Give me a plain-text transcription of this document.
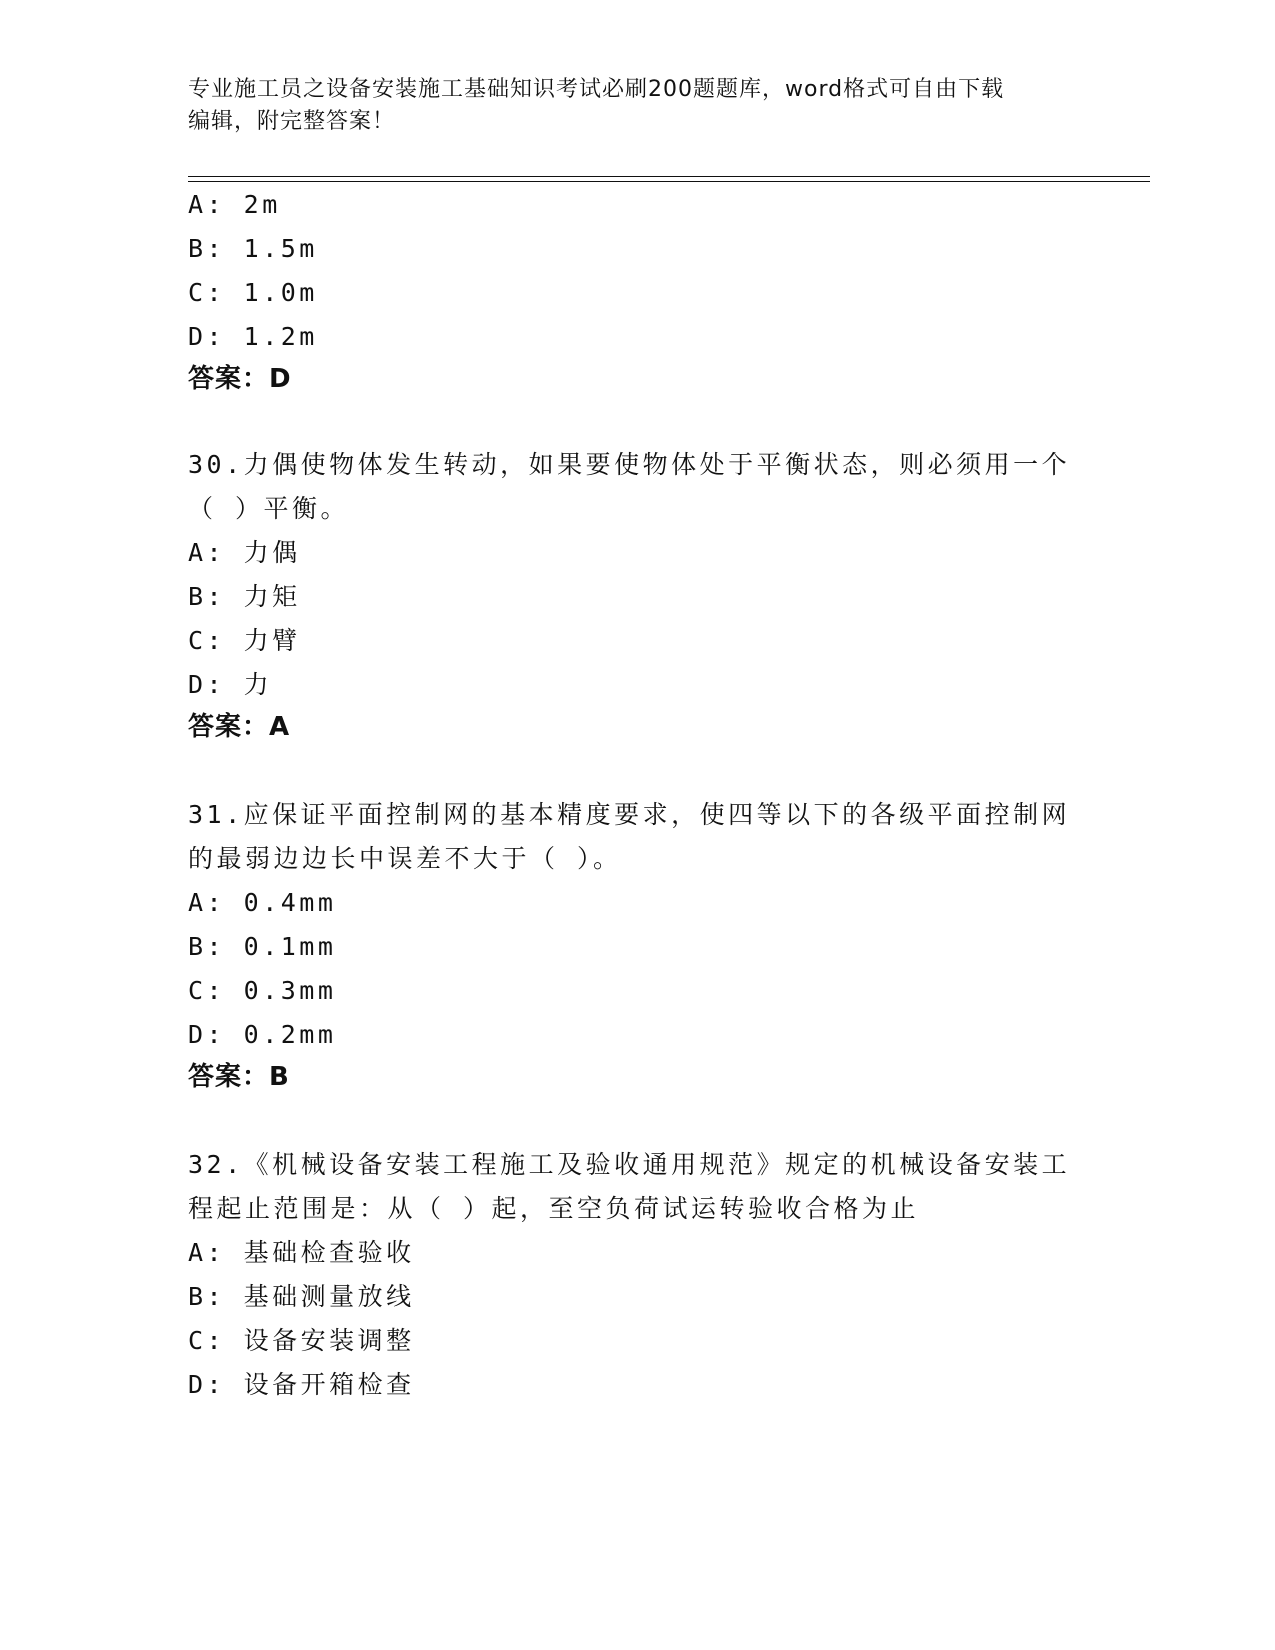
专业施工员之设备安装施工基础知识考试必刷200题题库，word格式可自由下载
编辑，附完整答案！
A: 2m
B: 1.5m
C: 1.0m
D: 1.2m
答案：D
30.力偶使物体发生转动，如果要使物体处于平衡状态，则必须用一个
（ ）平衡。
A: 力偶
B: 力矩
C: 力臂
D: 力
答案：A
31.应保证平面控制网的基本精度要求，使四等以下的各级平面控制网
的最弱边边长中误差不大于（ ）。
A: 0.4mm
B: 0.1mm
C: 0.3mm
D: 0.2mm
答案：B
32.《机械设备安装工程施工及验收通用规范》规定的机械设备安装工
程起止范围是：从（ ）起，至空负荷试运转验收合格为止
A: 基础检查验收
B: 基础测量放线
C: 设备安装调整
D: 设备开箱检查
